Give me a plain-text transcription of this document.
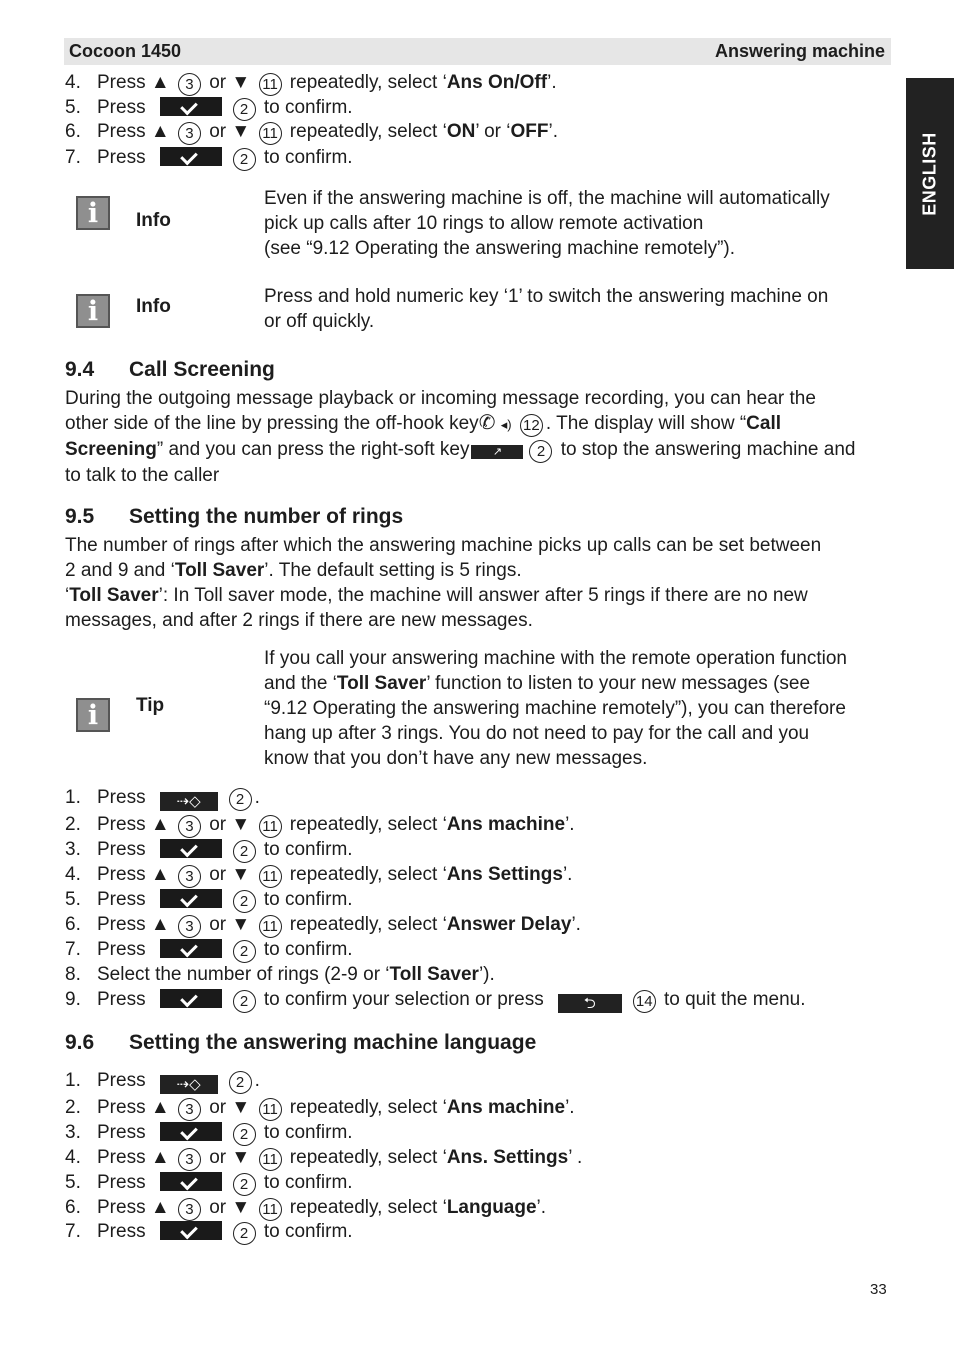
Cocoon 1450	Answering machine
ENGLISH
4. Press ▲ 3 or ▼ 11 repeatedly, select ‘Ans On/Off’.
5. Press	2 to confirm.
6. Press ▲ 3 or ▼ 11 repeatedly, select ‘ON’ or ‘OFF’.
7. Press	2 to confirm.
i	Info
Even if the answering machine is off, the machine will automatically
pick up calls after 10 rings to allow remote activation
(see “9.12 Operating the answering machine remotely”).
i	Info	Press and hold numeric key ‘1’ to switch the answering machine on
or off quickly.
9.4 Call Screening
During the outgoing message playback or incoming message recording, you can hear the
other side of the line by pressing the off-hook key✆ ◂) 12 . The display will show “Call
Screening” and you can press the right-soft key ↗ 2 to stop the answering machine and
to talk to the caller
9.5 Setting the number of rings
The number of rings after which the answering machine picks up calls can be set between
2 and 9 and ‘Toll Saver’. The default setting is 5 rings.
‘Toll Saver’: In Toll saver mode, the machine will answer after 5 rings if there are no new
messages, and after 2 rings if there are new messages.
i	Tip
If you call your answering machine with the remote operation function
and the ‘Toll Saver’ function to listen to your new messages (see
“9.12 Operating the answering machine remotely”), you can therefore
hang up after 3 rings. You do not need to pay for the call and you
know that you don’t have any new messages.
1. Press ⇢◇ 2 .
2. Press ▲ 3 or ▼ 11 repeatedly, select ‘Ans machine’.
3. Press	2 to confirm.
4. Press ▲ 3 or ▼ 11 repeatedly, select ‘Ans Settings’.
5. Press	2 to confirm.
6. Press ▲ 3 or ▼ 11 repeatedly, select ‘Answer Delay’.
7. Press	2 to confirm.
8. Select the number of rings (2-9 or ‘Toll Saver’).
9. Press	2 to confirm your selection or press	⮌	14 to quit the menu.
9.6 Setting the answering machine language
1. Press ⇢◇ 2 .
2. Press ▲ 3 or ▼ 11 repeatedly, select ‘Ans machine’.
3. Press	2 to confirm.
4. Press ▲ 3 or ▼ 11 repeatedly, select ‘Ans. Settings’ .
5. Press	2 to confirm.
6. Press ▲ 3 or ▼ 11 repeatedly, select ‘Language’.
7. Press	2 to confirm.
33
